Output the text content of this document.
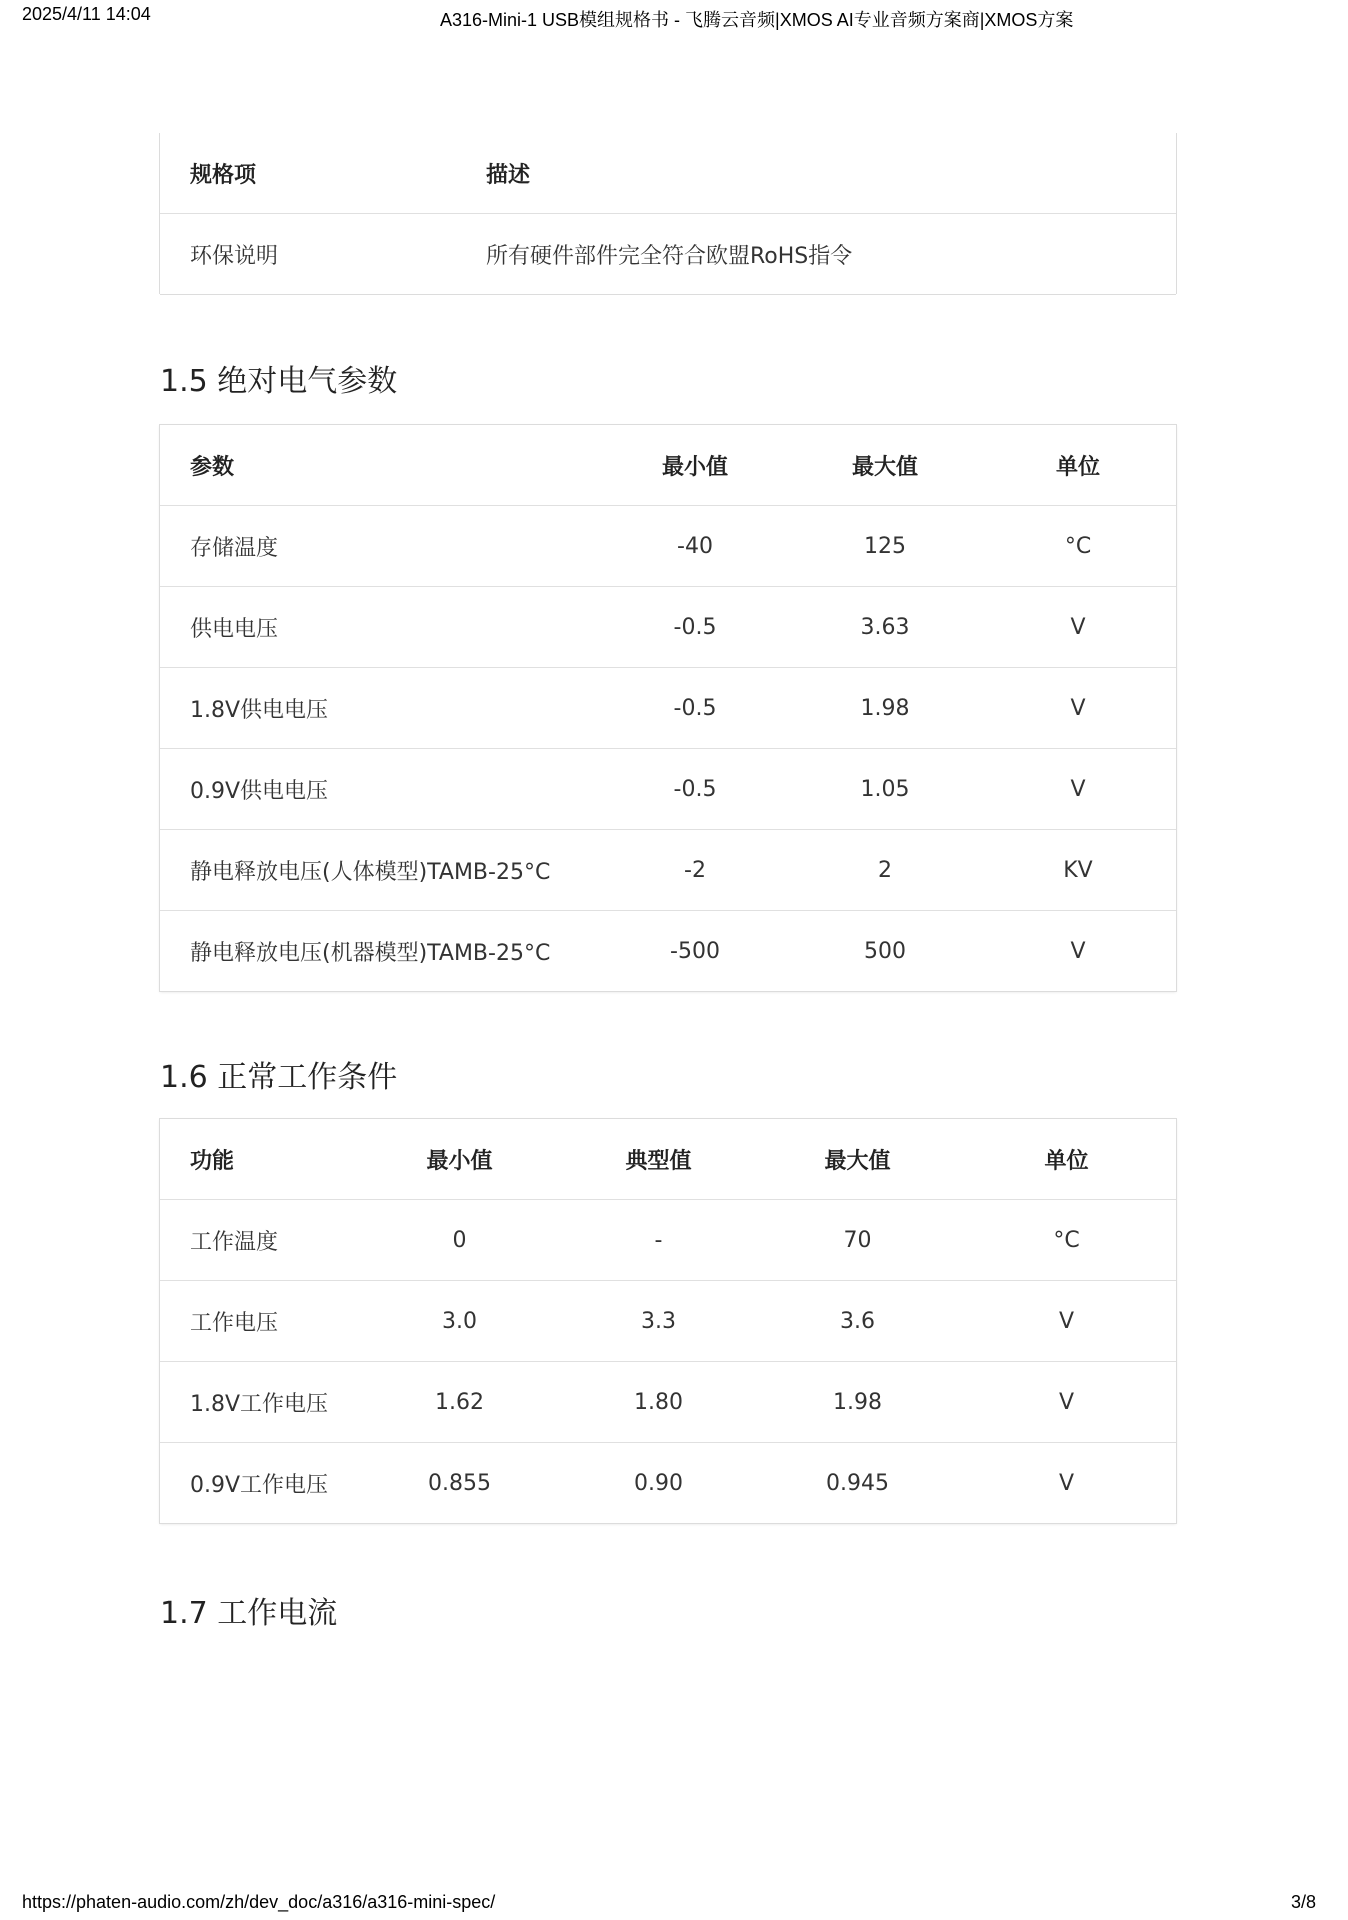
2025/4/11 14:04	A316-Mini-1 USB模组规格书 - 飞腾云音频|XMOS AI专业音频方案商|XMOS方案
规格项	描述
环保说明	所有硬件部件完全符合欧盟RoHS指令
1.5 绝对电气参数
参数	最小值	最大值	单位
存储温度	-40	125	°C
供电电压	-0.5	3.63	V
1.8V供电电压	-0.5	1.98	V
0.9V供电电压	-0.5	1.05	V
静电释放电压(人体模型)TAMB-25°C	-2	2	KV
静电释放电压(机器模型)TAMB-25°C	-500	500	V
1.6 正常工作条件
功能	最小值	典型值	最大值	单位
工作温度	0	-	70	°C
工作电压	3.0	3.3	3.6	V
1.8V工作电压	1.62	1.80	1.98	V
0.9V工作电压	0.855	0.90	0.945	V
1.7 工作电流
https://phaten-audio.com/zh/dev_doc/a316/a316-mini-spec/	3/8
